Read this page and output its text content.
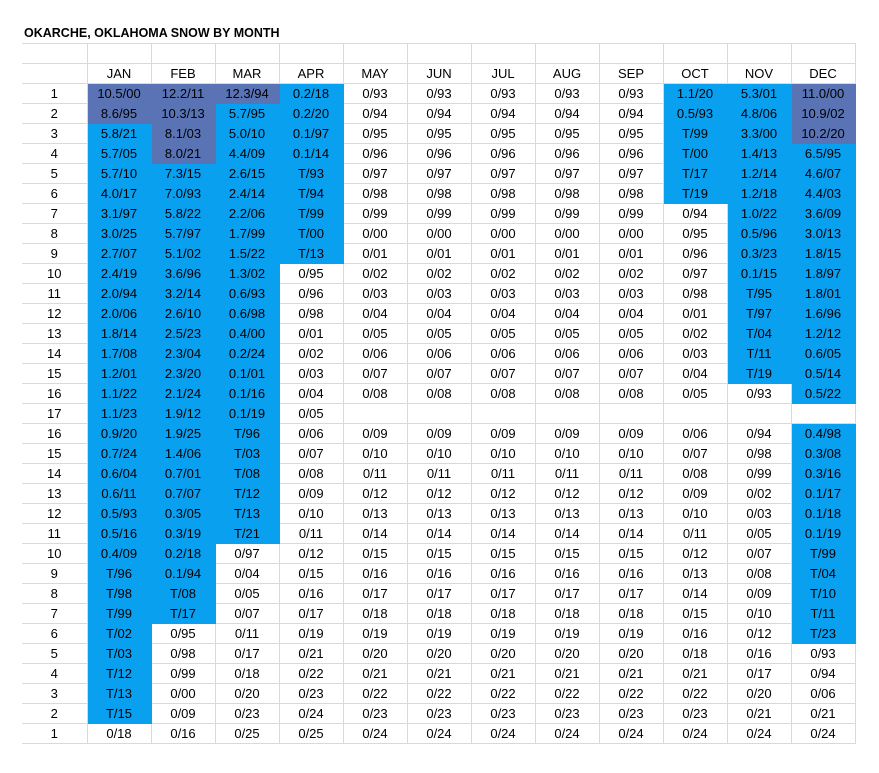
OKARCHE, OKLAHOMA SNOW BY MONTH												

	JAN	FEB	MAR	APR	MAY	JUN	JUL	AUG	SEP	OCT	NOV	DEC
1	10.5/00	12.2/11	12.3/94	0.2/18	0/93	0/93	0/93	0/93	0/93	1.1/20	5.3/01	11.0/00
2	8.6/95	10.3/13	5.7/95	0.2/20	0/94	0/94	0/94	0/94	0/94	0.5/93	4.8/06	10.9/02
3	5.8/21	8.1/03	5.0/10	0.1/97	0/95	0/95	0/95	0/95	0/95	T/99	3.3/00	10.2/20
4	5.7/05	8.0/21	4.4/09	0.1/14	0/96	0/96	0/96	0/96	0/96	T/00	1.4/13	6.5/95
5	5.7/10	7.3/15	2.6/15	T/93	0/97	0/97	0/97	0/97	0/97	T/17	1.2/14	4.6/07
6	4.0/17	7.0/93	2.4/14	T/94	0/98	0/98	0/98	0/98	0/98	T/19	1.2/18	4.4/03
7	3.1/97	5.8/22	2.2/06	T/99	0/99	0/99	0/99	0/99	0/99	0/94	1.0/22	3.6/09
8	3.0/25	5.7/97	1.7/99	T/00	0/00	0/00	0/00	0/00	0/00	0/95	0.5/96	3.0/13
9	2.7/07	5.1/02	1.5/22	T/13	0/01	0/01	0/01	0/01	0/01	0/96	0.3/23	1.8/15
10	2.4/19	3.6/96	1.3/02	0/95	0/02	0/02	0/02	0/02	0/02	0/97	0.1/15	1.8/97
11	2.0/94	3.2/14	0.6/93	0/96	0/03	0/03	0/03	0/03	0/03	0/98	T/95	1.8/01
12	2.0/06	2.6/10	0.6/98	0/98	0/04	0/04	0/04	0/04	0/04	0/01	T/97	1.6/96
13	1.8/14	2.5/23	0.4/00	0/01	0/05	0/05	0/05	0/05	0/05	0/02	T/04	1.2/12
14	1.7/08	2.3/04	0.2/24	0/02	0/06	0/06	0/06	0/06	0/06	0/03	T/11	0.6/05
15	1.2/01	2.3/20	0.1/01	0/03	0/07	0/07	0/07	0/07	0/07	0/04	T/19	0.5/14
16	1.1/22	2.1/24	0.1/16	0/04	0/08	0/08	0/08	0/08	0/08	0/05	0/93	0.5/22
17	1.1/23	1.9/12	0.1/19	0/05								
16	0.9/20	1.9/25	T/96	0/06	0/09	0/09	0/09	0/09	0/09	0/06	0/94	0.4/98
15	0.7/24	1.4/06	T/03	0/07	0/10	0/10	0/10	0/10	0/10	0/07	0/98	0.3/08
14	0.6/04	0.7/01	T/08	0/08	0/11	0/11	0/11	0/11	0/11	0/08	0/99	0.3/16
13	0.6/11	0.7/07	T/12	0/09	0/12	0/12	0/12	0/12	0/12	0/09	0/02	0.1/17
12	0.5/93	0.3/05	T/13	0/10	0/13	0/13	0/13	0/13	0/13	0/10	0/03	0.1/18
11	0.5/16	0.3/19	T/21	0/11	0/14	0/14	0/14	0/14	0/14	0/11	0/05	0.1/19
10	0.4/09	0.2/18	0/97	0/12	0/15	0/15	0/15	0/15	0/15	0/12	0/07	T/99
9	T/96	0.1/94	0/04	0/15	0/16	0/16	0/16	0/16	0/16	0/13	0/08	T/04
8	T/98	T/08	0/05	0/16	0/17	0/17	0/17	0/17	0/17	0/14	0/09	T/10
7	T/99	T/17	0/07	0/17	0/18	0/18	0/18	0/18	0/18	0/15	0/10	T/11
6	T/02	0/95	0/11	0/19	0/19	0/19	0/19	0/19	0/19	0/16	0/12	T/23
5	T/03	0/98	0/17	0/21	0/20	0/20	0/20	0/20	0/20	0/18	0/16	0/93
4	T/12	0/99	0/18	0/22	0/21	0/21	0/21	0/21	0/21	0/21	0/17	0/94
3	T/13	0/00	0/20	0/23	0/22	0/22	0/22	0/22	0/22	0/22	0/20	0/06
2	T/15	0/09	0/23	0/24	0/23	0/23	0/23	0/23	0/23	0/23	0/21	0/21
1	0/18	0/16	0/25	0/25	0/24	0/24	0/24	0/24	0/24	0/24	0/24	0/24
